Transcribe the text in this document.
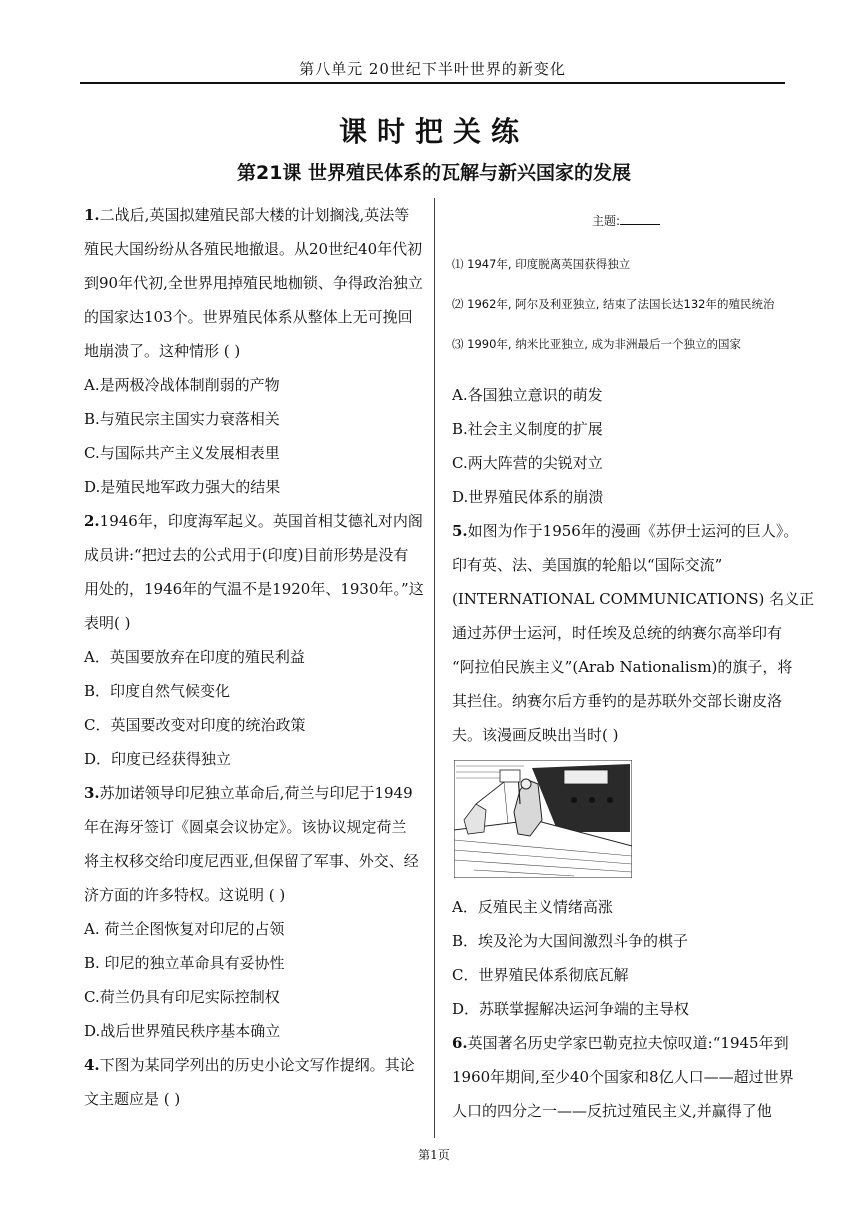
第八单元 20世纪下半叶世界的新变化
课时把关练
第21课 世界殖民体系的瓦解与新兴国家的发展
1.二战后,英国拟建殖民部大楼的计划搁浅,英法等
殖民大国纷纷从各殖民地撤退。从20世纪40年代初
到90年代初,全世界甩掉殖民地枷锁、争得政治独立
的国家达103个。世界殖民体系从整体上无可挽回
地崩溃了。这种情形 ( )
A.是两极冷战体制削弱的产物
B.与殖民宗主国实力衰落相关
C.与国际共产主义发展相表里
D.是殖民地军政力强大的结果
2.1946年，印度海军起义。英国首相艾德礼对内阁
成员讲:“把过去的公式用于(印度)目前形势是没有
用处的，1946年的气温不是1920年、1930年。”这
表明( )
A．英国要放弃在印度的殖民利益
B．印度自然气候变化
C．英国要改变对印度的统治政策
D．印度已经获得独立
3.苏加诺领导印尼独立革命后,荷兰与印尼于1949
年在海牙签订《圆桌会议协定》。该协议规定荷兰
将主权移交给印度尼西亚,但保留了军事、外交、经
济方面的许多特权。这说明 ( )
A. 荷兰企图恢复对印尼的占领
B. 印尼的独立革命具有妥协性
C.荷兰仍具有印尼实际控制权
D.战后世界殖民秩序基本确立
4.下图为某同学列出的历史小论文写作提纲。其论
文主题应是 ( )
主题:
⑴ 1947年, 印度脱离英国获得独立
⑵ 1962年, 阿尔及利亚独立, 结束了法国长达132年的殖民统治
⑶ 1990年, 纳米比亚独立, 成为非洲最后一个独立的国家
A.各国独立意识的萌发
B.社会主义制度的扩展
C.两大阵营的尖锐对立
D.世界殖民体系的崩溃
5.如图为作于1956年的漫画《苏伊士运河的巨人》。
印有英、法、美国旗的轮船以“国际交流”
(INTERNATIONAL COMMUNICATIONS) 名义正
通过苏伊士运河，时任埃及总统的纳赛尔高举印有
“阿拉伯民族主义”(Arab Nationalism)的旗子，将
其拦住。纳赛尔后方垂钓的是苏联外交部长谢皮洛
夫。该漫画反映出当时( )
A．反殖民主义情绪高涨
B．埃及沦为大国间激烈斗争的棋子
C．世界殖民体系彻底瓦解
D．苏联掌握解决运河争端的主导权
6.英国著名历史学家巴勒克拉夫惊叹道:“1945年到
1960年期间,至少40个国家和8亿人口——超过世界
人口的四分之一——反抗过殖民主义,并赢得了他
第1页
